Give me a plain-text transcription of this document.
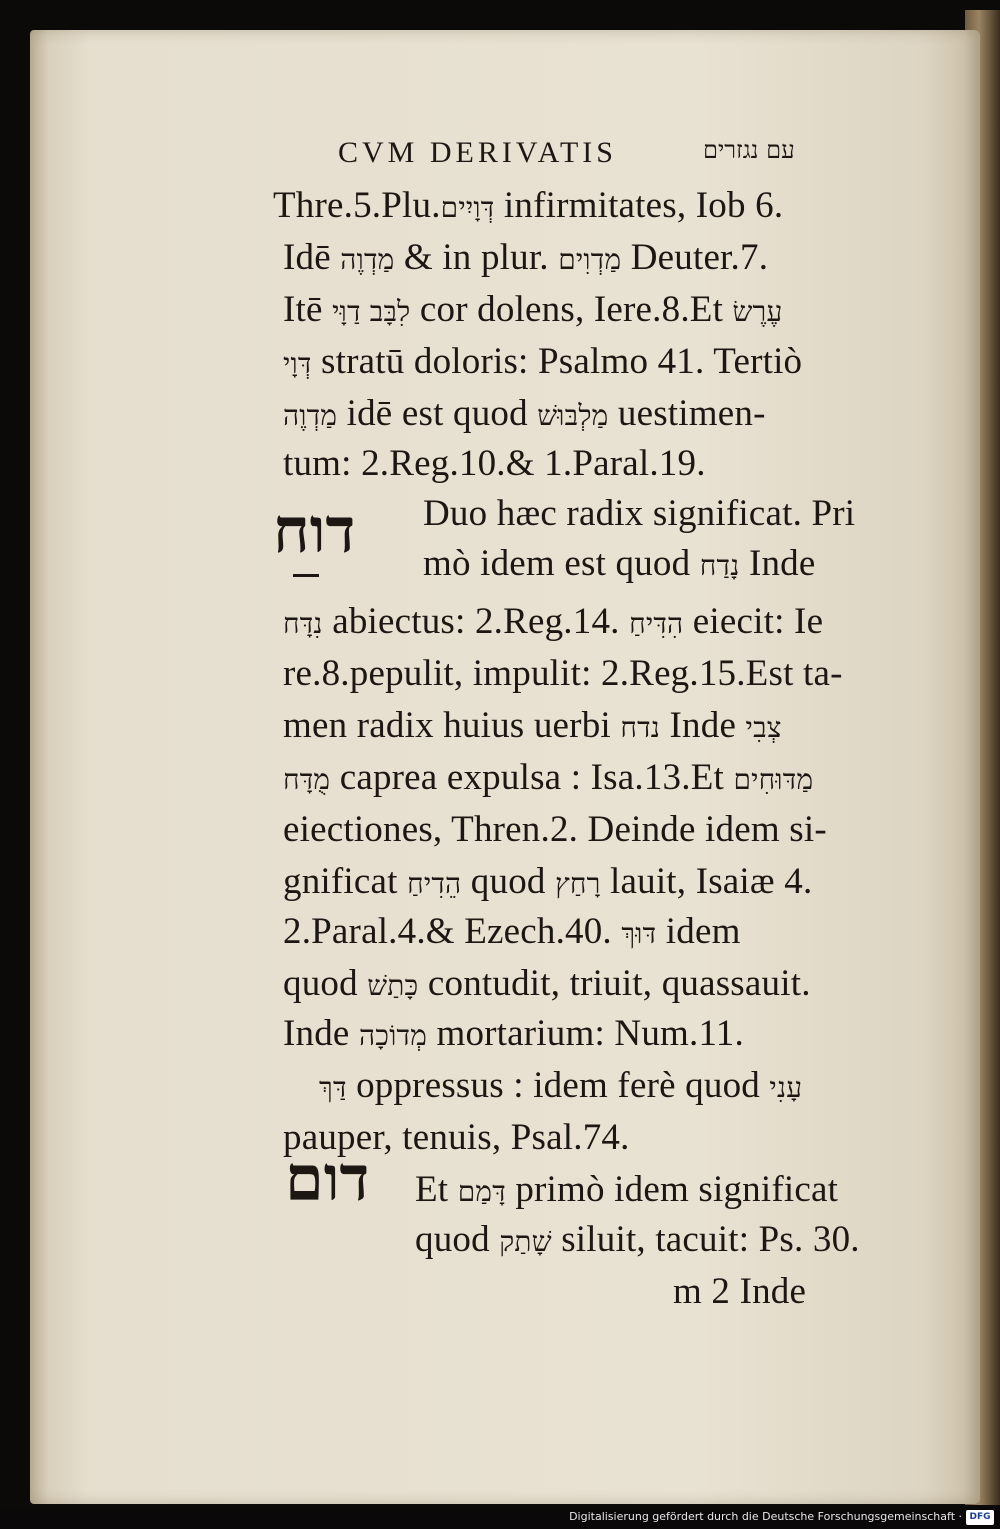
CVM DERIVATIS	עם נגזרים
Thre.5.Plu.דְּוָיִים infirmitates, Iob 6.
Idē מַדְוֶה & in plur. מַדְוִים Deuter.7.
Itē לִבָּב דַוָּי cor dolens, Iere.8.Et עֶרֶשׂ
דְּוָי stratū doloris: Psalmo 41. Tertiò
מַדְוֶה idē est quod מַלְבּוּשׁ uestimen-
tum: 2.Reg.10.& 1.Paral.19.
Duo hæc radix significat. Pri
mò idem est quod נָדַח Inde
נִדָּח abiectus: 2.Reg.14. הִדִּיחַ eiecit: Ie
re.8.pepulit, impulit: 2.Reg.15.Est ta-
men radix huius uerbi נדח Inde צְבִי
מֻדָּח caprea expulsa : Isa.13.Et מַדּוּחִים
eiectiones, Thren.2. Deinde idem si-
gnificat הֵדִיחַ quod רָחַץ lauit, Isaiæ 4.
2.Paral.4.& Ezech.40. דּוּךְ idem
quod כָּתַשׁ contudit, triuit, quassauit.
Inde מְדוֹכָה mortarium: Num.11.
דַּךְ oppressus : idem ferè quod עָנִי
pauper, tenuis, Psal.74.
Et דָּמַם primò idem significat
quod שָׁתַק siluit, tacuit: Ps. 30.
m 2 Inde
דוח
דום
Digitalisierung gefördert durch die Deutsche Forschungsgemeinschaft · DFG
